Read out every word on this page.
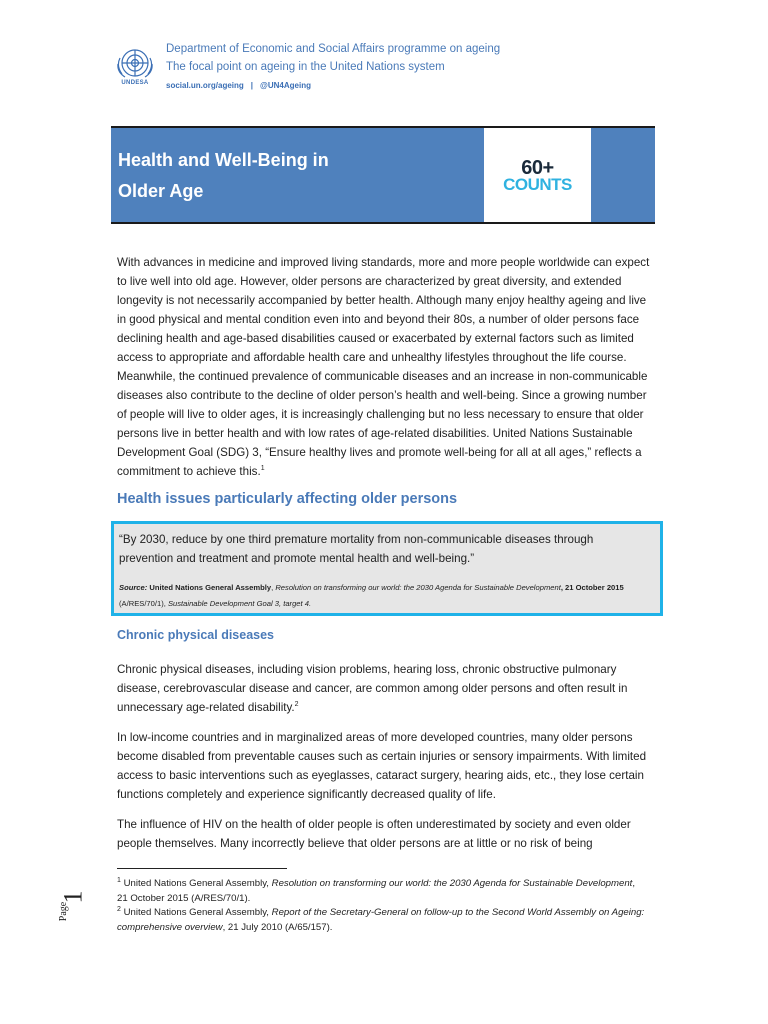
UNDESA
Department of Economic and Social Affairs programme on ageing
The focal point on ageing in the United Nations system
social.un.org/ageing | @UN4Ageing
Health and Well-Being in
Older Age
60+
COUNTS

With advances in medicine and improved living standards, more and more people worldwide can expect to live well into old age. However, older persons are characterized by great diversity, and extended longevity is not necessarily accompanied by better health. Although many enjoy healthy ageing and live in good physical and mental condition even into and beyond their 80s, a number of older persons face declining health and age-based disabilities caused or exacerbated by external factors such as limited access to appropriate and affordable health care and unhealthy lifestyles throughout the life course. Meanwhile, the continued prevalence of communicable diseases and an increase in non-communicable diseases also contribute to the decline of older person’s health and well-being. Since a growing number of people will live to older ages, it is increasingly challenging but no less necessary to ensure that older persons live in better health and with low rates of age-related disabilities. United Nations Sustainable Development Goal (SDG) 3, “Ensure healthy lives and promote well-being for all at all ages,” reflects a commitment to achieve this.$^1$

Health issues particularly affecting older persons

“By 2030, reduce by one third premature mortality from non-communicable diseases through prevention and treatment and promote mental health and well-being.”

Source: United Nations General Assembly, Resolution on transforming our world: the 2030 Agenda for Sustainable Development, 21 October 2015 (A/RES/70/1), Sustainable Development Goal 3, target 4.

Chronic physical diseases

Chronic physical diseases, including vision problems, hearing loss, chronic obstructive pulmonary disease, cerebrovascular disease and cancer, are common among older persons and often result in unnecessary age-related disability.$^2$

In low-income countries and in marginalized areas of more developed countries, many older persons become disabled from preventable causes such as certain injuries or sensory impairments. With limited access to basic interventions such as eyeglasses, cataract surgery, hearing aids, etc., they lose certain functions completely and experience significantly decreased quality of life.

The influence of HIV on the health of older people is often underestimated by society and even older people themselves. Many incorrectly believe that older persons are at little or no risk of being

$^1$ United Nations General Assembly, Resolution on transforming our world: the 2030 Agenda for Sustainable Development, 21 October 2015 (A/RES/70/1).

$^2$ United Nations General Assembly, Report of the Secretary-General on follow-up to the Second World Assembly on Ageing: comprehensive overview, 21 July 2010 (A/65/157).

Page
1
